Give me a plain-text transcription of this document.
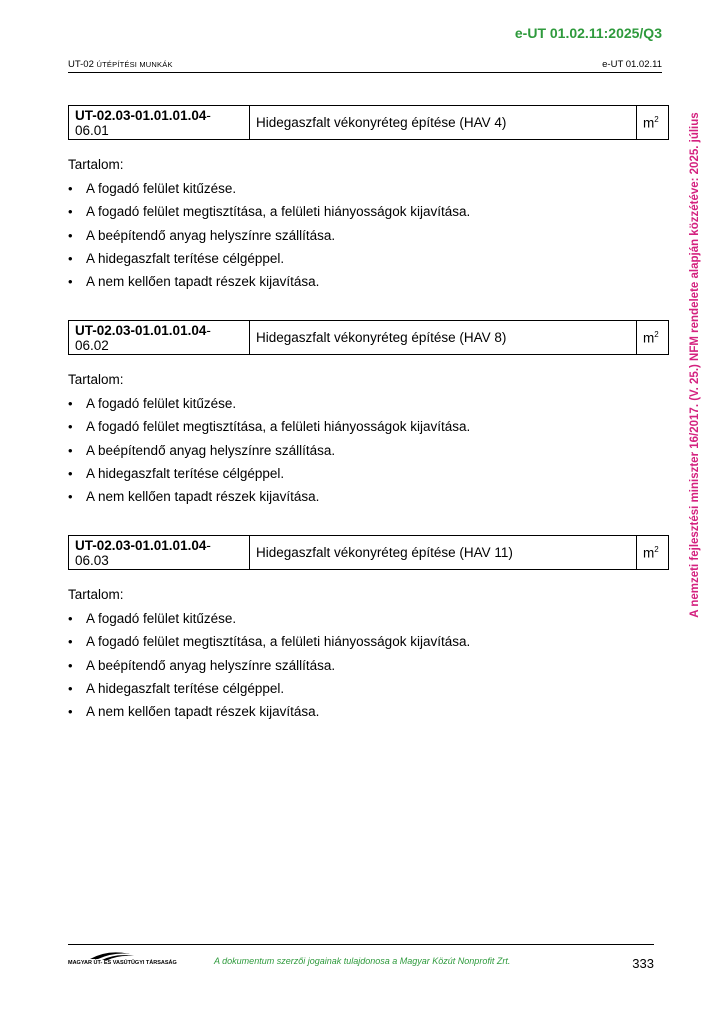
e-UT 01.02.11:2025/Q3
UT-02 ÚTÉPÍTÉSI MUNKÁK	e-UT 01.02.11
A nemzeti fejlesztési miniszter 16/2017. (V. 25.) NFM rendelete alapján közzétéve: 2025. július
UT-02.03-01.01.01.04-06.01	Hidegaszfalt vékonyréteg építése (HAV 4)	$m^2$

Tartalom:

• A fogadó felület kitűzése.
• A fogadó felület megtisztítása, a felületi hiányosságok kijavítása.
• A beépítendő anyag helyszínre szállítása.
• A hidegaszfalt terítése célgéppel.
• A nem kellően tapadt részek kijavítása.
UT-02.03-01.01.01.04-06.02	Hidegaszfalt vékonyréteg építése (HAV 8)	$m^2$

Tartalom:

• A fogadó felület kitűzése.
• A fogadó felület megtisztítása, a felületi hiányosságok kijavítása.
• A beépítendő anyag helyszínre szállítása.
• A hidegaszfalt terítése célgéppel.
• A nem kellően tapadt részek kijavítása.
UT-02.03-01.01.01.04-06.03	Hidegaszfalt vékonyréteg építése (HAV 11)	$m^2$

Tartalom:

• A fogadó felület kitűzése.
• A fogadó felület megtisztítása, a felületi hiányosságok kijavítása.
• A beépítendő anyag helyszínre szállítása.
• A hidegaszfalt terítése célgéppel.
• A nem kellően tapadt részek kijavítása.
MAGYAR ÚT- ÉS VASÚTÜGYI TÁRSASÁG	A dokumentum szerzői jogainak tulajdonosa a Magyar Közút Nonprofit Zrt.	333
